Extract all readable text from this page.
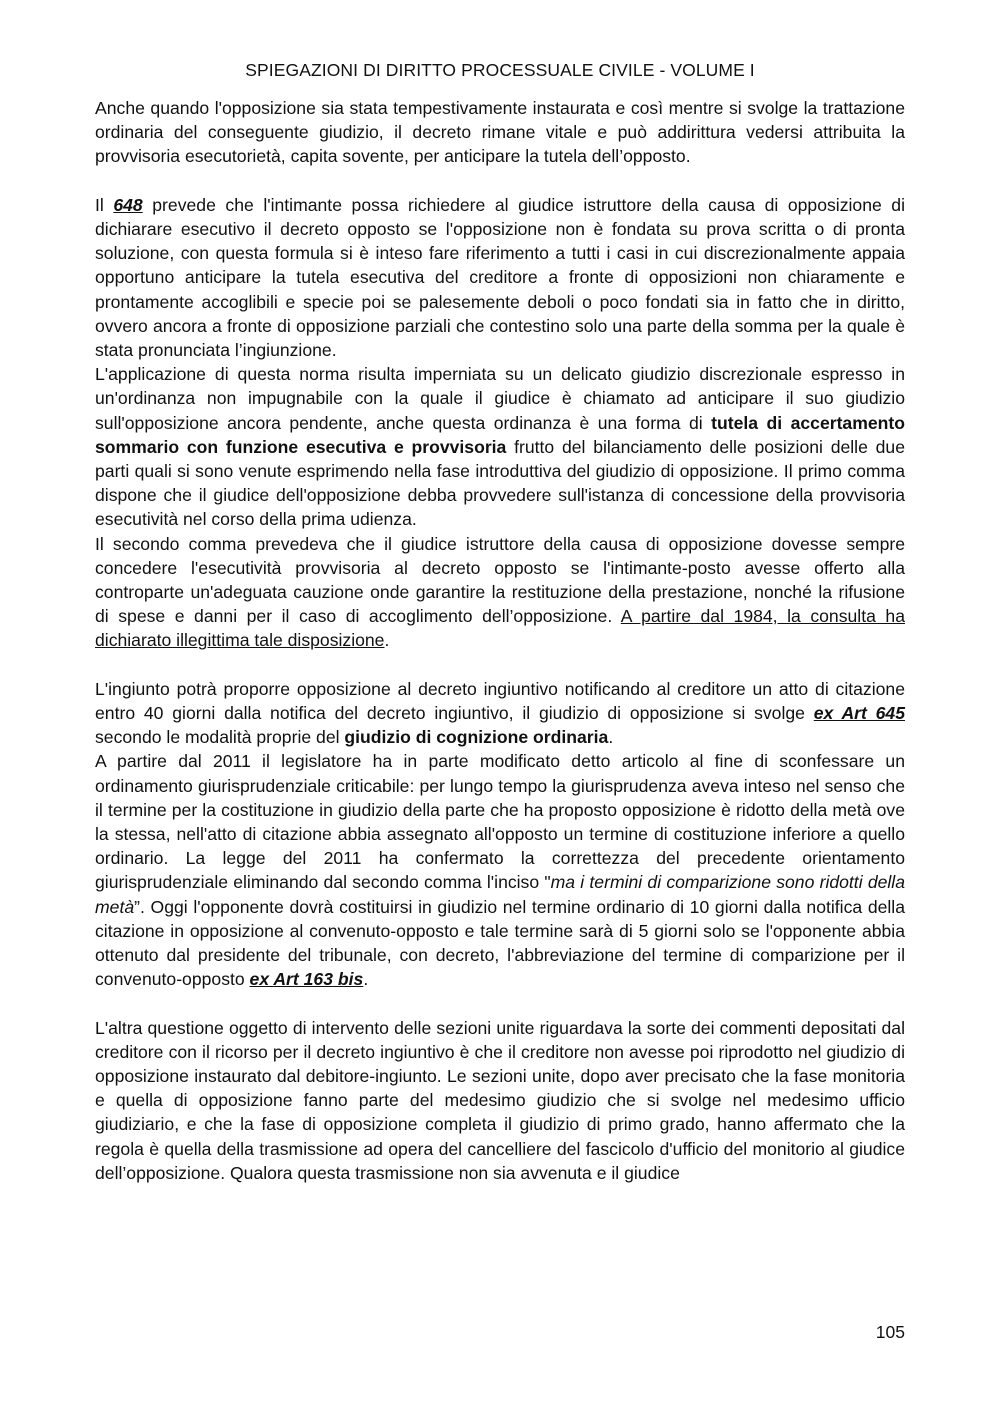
SPIEGAZIONI DI DIRITTO PROCESSUALE CIVILE - VOLUME I

Anche quando l'opposizione sia stata tempestivamente instaurata e così mentre si svolge la trattazione ordinaria del conseguente giudizio, il decreto rimane vitale e può addirittura vedersi attribuita la provvisoria esecutorietà, capita sovente, per anticipare la tutela dell’opposto.

Il 648 prevede che l'intimante possa richiedere al giudice istruttore della causa di opposizione di dichiarare esecutivo il decreto opposto se l'opposizione non è fondata su prova scritta o di pronta soluzione, con questa formula si è inteso fare riferimento a tutti i casi in cui discrezionalmente appaia opportuno anticipare la tutela esecutiva del creditore a fronte di opposizioni non chiaramente e prontamente accoglibili e specie poi se palesemente deboli o poco fondati sia in fatto che in diritto, ovvero ancora a fronte di opposizione parziali che contestino solo una parte della somma per la quale è stata pronunciata l’ingiunzione.

L'applicazione di questa norma risulta imperniata su un delicato giudizio discrezionale espresso in un'ordinanza non impugnabile con la quale il giudice è chiamato ad anticipare il suo giudizio sull'opposizione ancora pendente, anche questa ordinanza è una forma di tutela di accertamento sommario con funzione esecutiva e provvisoria frutto del bilanciamento delle posizioni delle due parti quali si sono venute esprimendo nella fase introduttiva del giudizio di opposizione. Il primo comma dispone che il giudice dell'opposizione debba provvedere sull'istanza di concessione della provvisoria esecutività nel corso della prima udienza.

Il secondo comma prevedeva che il giudice istruttore della causa di opposizione dovesse sempre concedere l'esecutività provvisoria al decreto opposto se l'intimante-posto avesse offerto alla controparte un'adeguata cauzione onde garantire la restituzione della prestazione, nonché la rifusione di spese e danni per il caso di accoglimento dell’opposizione. A partire dal 1984, la consulta ha dichiarato illegittima tale disposizione.

L'ingiunto potrà proporre opposizione al decreto ingiuntivo notificando al creditore un atto di citazione entro 40 giorni dalla notifica del decreto ingiuntivo, il giudizio di opposizione si svolge ex Art 645 secondo le modalità proprie del giudizio di cognizione ordinaria.

A partire dal 2011 il legislatore ha in parte modificato detto articolo al fine di sconfessare un ordinamento giurisprudenziale criticabile: per lungo tempo la giurisprudenza aveva inteso nel senso che il termine per la costituzione in giudizio della parte che ha proposto opposizione è ridotto della metà ove la stessa, nell'atto di citazione abbia assegnato all'opposto un termine di costituzione inferiore a quello ordinario. La legge del 2011 ha confermato la correttezza del precedente orientamento giurisprudenziale eliminando dal secondo comma l'inciso "ma i termini di comparizione sono ridotti della metà”. Oggi l'opponente dovrà costituirsi in giudizio nel termine ordinario di 10 giorni dalla notifica della citazione in opposizione al convenuto-opposto e tale termine sarà di 5 giorni solo se l'opponente abbia ottenuto dal presidente del tribunale, con decreto, l'abbreviazione del termine di comparizione per il convenuto-opposto ex Art 163 bis.

L'altra questione oggetto di intervento delle sezioni unite riguardava la sorte dei commenti depositati dal creditore con il ricorso per il decreto ingiuntivo è che il creditore non avesse poi riprodotto nel giudizio di opposizione instaurato dal debitore-ingiunto. Le sezioni unite, dopo aver precisato che la fase monitoria e quella di opposizione fanno parte del medesimo giudizio che si svolge nel medesimo ufficio giudiziario, e che la fase di opposizione completa il giudizio di primo grado, hanno affermato che la regola è quella della trasmissione ad opera del cancelliere del fascicolo d'ufficio del monitorio al giudice dell’opposizione. Qualora questa trasmissione non sia avvenuta e il giudice

105
